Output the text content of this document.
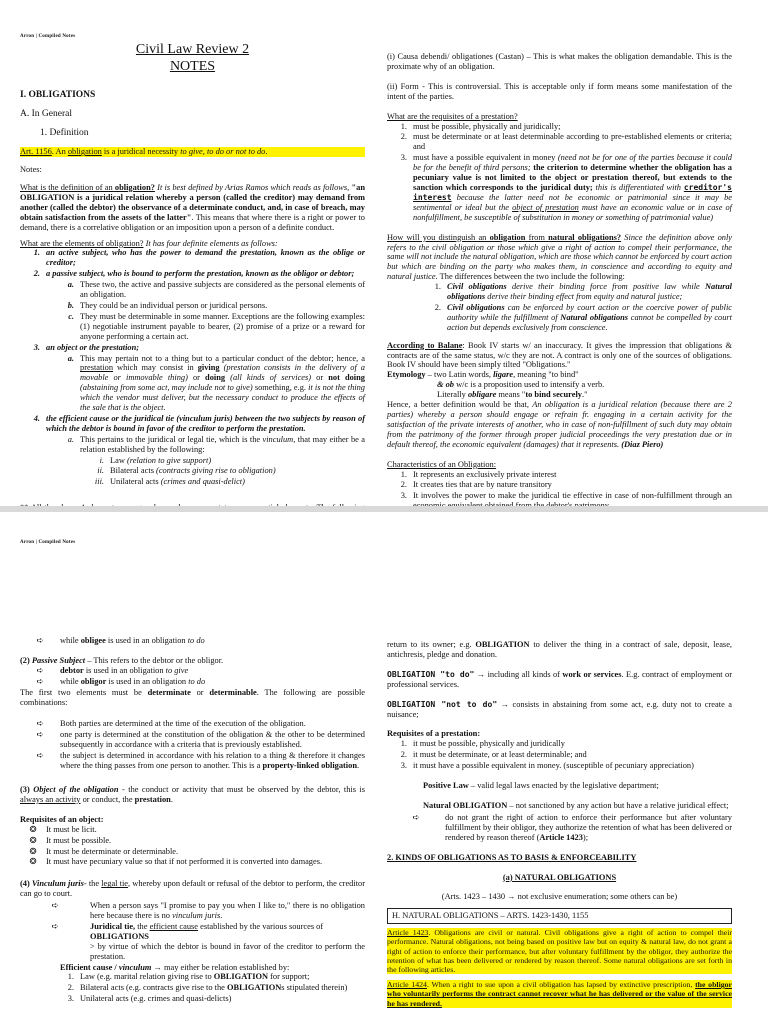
Arron | Compiled Notes
Civil Law Review 2
NOTES
I. OBLIGATIONS
A. In General
1. Definition

Art. 1156. An obligation is a juridical necessity to give, to do or not to do.

Notes:

What is the definition of an obligation? It is best defined by Arias Ramos which reads as follows, "an OBLIGATION is a juridical relation whereby a person (called the creditor) may demand from another (called the debtor) the observance of a determinate conduct, and, in case of breach, may obtain satisfaction from the assets of the latter". This means that where there is a right or power to demand, there is a correlative obligation or an imposition upon a person of a definite conduct.

What are the elements of obligation? It has four definite elements as follows:

1. an active subject, who has the power to demand the prestation, known as the oblige or creditor;
2. a passive subject, who is bound to perform the prestation, known as the obligor or debtor;
a. These two, the active and passive subjects are considered as the personal elements of an obligation.
b. They could be an individual person or juridical persons.
c. They must be determinable in some manner. Exceptions are the following examples: (1) negotiable instrument payable to bearer, (2) promise of a prize or a reward for anyone performing a certain act.
3. an object or the prestation;
a. This may pertain not to a thing but to a particular conduct of the debtor; hence, a prestation which may consist in giving (prestation consists in the delivery of a movable or immovable thing) or doing (all kinds of services) or not doing (abstaining from some act, may include not to give) something, e.g. it is not the thing which the vendor must deliver, but the necessary conduct to produce the effects of the sale that is the object.
4. the efficient cause or the juridical tie (vinculum juris) between the two subjects by reason of which the debtor is bound in favor of the creditor to perform the prestation.
a. This pertains to the juridical or legal tie, which is the vinculum, that may either be a relation established by the following:
i. Law (relation to give support)
ii. Bilateral acts (contracts giving rise to obligation)
iii. Unilateral acts (crimes and quasi-delict)

(i) Causa debendi/ obligationes (Castan) – This is what makes the obligation demandable. This is the proximate why of an obligation.

(ii) Form - This is controversial. This is acceptable only if form means some manifestation of the intent of the parties.

What are the requisites of a prestation?

1. must be possible, physically and juridically;
2. must be determinate or at least determinable according to pre-established elements or criteria; and
3. must have a possible equivalent in money (need not be for one of the parties because it could be for the benefit of third persons; the criterion to determine whether the obligation has a pecuniary value is not limited to the object or prestation thereof, but extends to the sanction which corresponds to the juridical duty; this is differentiated with creditor's interest because the latter need not be economic or patrimonial since it may be sentimental or ideal but the object of prestation must have an economic value or in case of nonfulfillment, be susceptible of substitution in money or something of patrimonial value)

How will you distinguish an obligation from natural obligations? Since the definition above only refers to the civil obligation or those which give a right of action to compel their performance, the same will not include the natural obligation, which are those which cannot be enforced by court action but which are binding on the party who makes them, in conscience and according to equity and natural justice. The differences between the two include the following:

1. Civil obligations derive their binding force from positive law while Natural obligations derive their binding effect from equity and natural justice;
2. Civil obligations can be enforced by court action or the coercive power of public authority while the fulfillment of Natural obligations cannot be compelled by court action but depends exclusively from conscience.

According to Balane: Book IV starts w/ an inaccuracy. It gives the impression that obligations & contracts are of the same status, w/c they are not. A contract is only one of the sources of obligations. Book IV should have been simply tilted "Obligations."

Etymology – two Latin words, ligare, meaning "to bind"

& ob w/c is a proposition used to intensify a verb.

Literally obligare means "to bind securely."

Hence, a better definition would be that, An obligation is a juridical relation (because there are 2 parties) whereby a person should engage or refrain fr. engaging in a certain activity for the satisfaction of the private interests of another, who in case of non-fulfillment of such duty may obtain from the patrimony of the former through proper judicial proceedings the very prestation due or in default thereof, the economic equivalent (damages) that it represents. (Diaz Piero)

Characteristics of an Obligation:

1. It represents an exclusively private interest
2. It creates ties that are by nature transitory
3. It involves the power to make the juridical tie effective in case of non-fulfillment through an

Arron | Compiled Notes
➪	while obligee is used in an obligation to do

(2) Passive Subject – This refers to the debtor or the obligor.

➪	debtor is used in an obligation to give
➪	while obligor is used in an obligation to do

The first two elements must be determinate or determinable. The following are possible combinations:

➪	Both parties are determined at the time of the execution of the obligation.
➪	one party is determined at the constitution of the obligation & the other to be determined subsequently in accordance with a criteria that is previously established.
➪	the subject is determined in accordance with his relation to a thing & therefore it changes where the thing passes from one person to another. This is a property-linked obligation.

(3) Object of the obligation - the conduct or activity that must be observed by the debtor, this is always an activity or conduct, the prestation.

Requisites of an object:

❂	It must be licit.
❂	It must be possible.
❂	It must be determinate or determinable.
❂	It must have pecuniary value so that if not performed it is converted into damages.

(4) Vinculum juris- the legal tie, whereby upon default or refusal of the debtor to perform, the creditor can go to court.

➪	When a person says "I promise to pay you when I like to," there is no obligation here because there is no vinculum juris.
➪	Juridical tie, the efficient cause established by the various sources of
OBLIGATIONS
> by virtue of which the debtor is bound in favor of the creditor to perform the prestation.

Efficient cause / vinculum → may either be relation established by:

1. Law (e.g. marital relation giving rise to OBLIGATION for support;
2. Bilateral acts (e.g. contracts give rise to the OBLIGATIONs stipulated therein)
3. Unilateral acts (e.g. crimes and quasi-delicts)

return to its owner; e.g. OBLIGATION to deliver the thing in a contract of sale, deposit, lease, antichresis, pledge and donation.

OBLIGATION "to do" → including all kinds of work or services. E.g. contract of employment or professional services.

OBLIGATION "not to do" → consists in abstaining from some act, e.g. duty not to create a nuisance;

Requisites of a prestation:

1. it must be possible, physically and juridically
2. it must be determinate, or at least determinable; and
3. it must have a possible equivalent in money. (susceptible of pecuniary appreciation)

Positive Law – valid legal laws enacted by the legislative department;

Natural OBLIGATION – not sanctioned by any action but have a relative juridical effect;

➪	do not grant the right of action to enforce their performance but after voluntary fulfillment by their obligor, they authorize the retention of what has been delivered or rendered by reason thereof (Article 1423);

2. KINDS OF OBLIGATIONS AS TO BASIS & ENFORCEABILITY

(a) NATURAL OBLIGATIONS

(Arts. 1423 – 1430 → not exclusive enumeration; some others can be)

H. NATURAL OBLIGATIONS – ARTS. 1423-1430, 1155

Article 1423. Obligations are civil or natural. Civil obligations give a right of action to compel their performance. Natural obligations, not being based on positive law but on equity & natural law, do not grant a right of action to enforce their performance, but after voluntary fulfillment by the obligor, they authorize the retention of what has been delivered or rendered by reason thereof. Some natural obligations are set forth in the following articles.

Article 1424. When a right to sue upon a civil obligation has lapsed by extinctive prescription, the obligor who voluntarily performs the contract cannot recover what he has delivered or the value of the service he has rendered.
